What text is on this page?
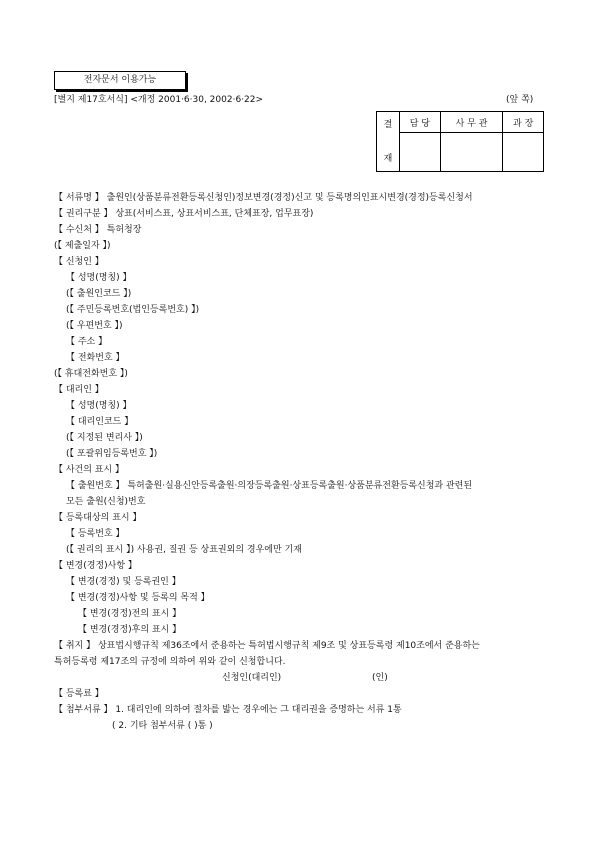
전자문서 이용가능
[별지 제17호서식] <개정 2001·6·30, 2002·6·22>	(앞 쪽)
결
재	담 당	사 무 관	과 장

【 서류명 】 출원인(상품분류전환등록신청인)정보변경(경정)신고 및 등록명의인표시변경(경정)등록신청서
【 권리구분 】 상표(서비스표, 상표서비스표, 단체표장, 업무표장)
【 수신처 】 특허청장
(【 제출일자 】)
【 신청인 】
【 성명(명칭) 】
(【 출원인코드 】)
(【 주민등록번호(법인등록번호) 】)
(【 우편번호 】)
【 주소 】
【 전화번호 】
(【 휴대전화번호 】)
【 대리인 】
【 성명(명칭) 】
【 대리인코드 】
(【 지정된 변리사 】)
(【 포괄위임등록번호 】)
【 사건의 표시 】
【 출원번호 】 특허출원·실용신안등록출원·의장등록출원·상표등록출원·상품분류전환등록신청과 관련된
모든 출원(신청)번호
【 등록대상의 표시 】
【 등록번호 】
(【 권리의 표시 】) 사용권, 질권 등 상표권외의 경우에만 기재
【 변경(경정)사항 】
【 변경(경정) 및 등록권인 】
【 변경(경정)사항 및 등록의 목적 】
【 변경(경정)전의 표시 】
【 변경(경정)후의 표시 】
【 취지 】 상표법시행규칙 제36조에서 준용하는 특허법시행규칙 제9조 및 상표등록령 제10조에서 준용하는
특허등록령 제17조의 규정에 의하여 위와 같이 신청합니다.
신청인(대리인)	(인)
【 등록료 】
【 첨부서류 】 1. 대리인에 의하여 절차를 밟는 경우에는 그 대리권을 증명하는 서류 1통
( 2. 기타 첨부서류 ( )통 )
